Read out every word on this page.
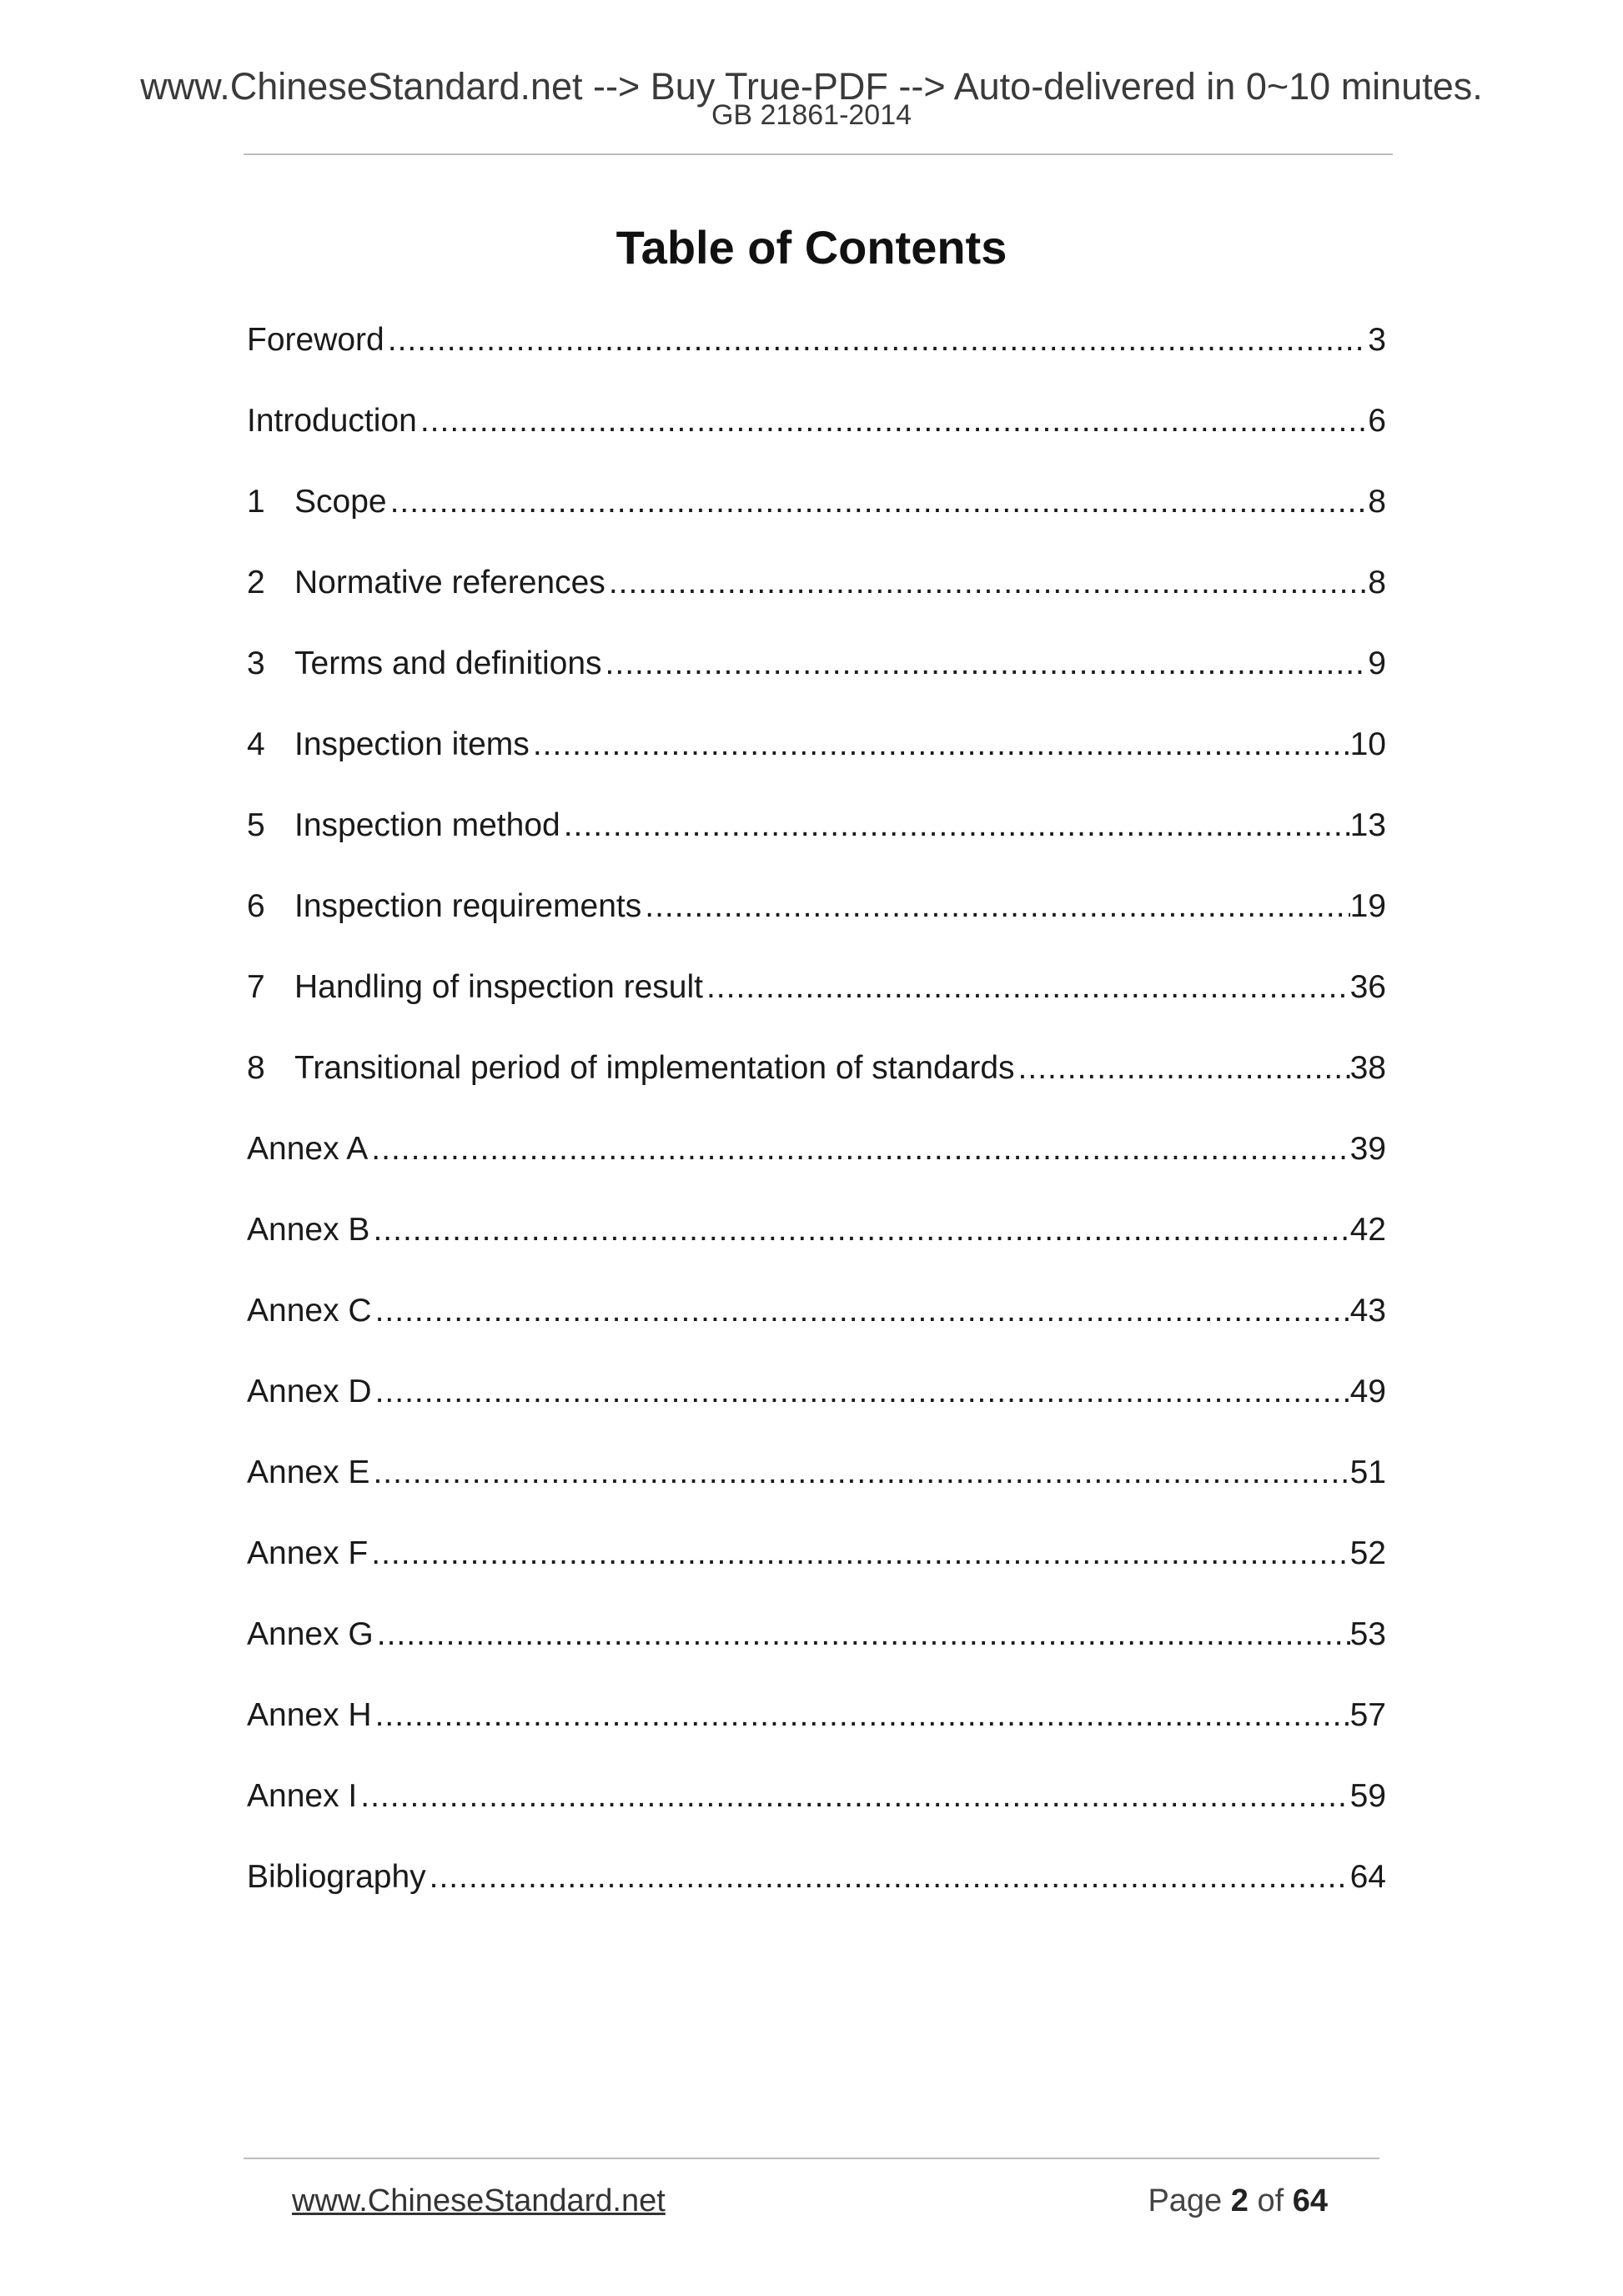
www.ChineseStandard.net --> Buy True-PDF --> Auto-delivered in 0~10 minutes.
GB 21861-2014
Table of Contents
Foreword .....	3
Introduction .....	6
1 Scope .....	8
2 Normative references .....	8
3 Terms and definitions .....	9
4 Inspection items .....	10
5 Inspection method .....	13
6 Inspection requirements .....	19
7 Handling of inspection result .....	36
8 Transitional period of implementation of standards .....	38
Annex A .....	39
Annex B .....	42
Annex C .....	43
Annex D .....	49
Annex E .....	51
Annex F .....	52
Annex G .....	53
Annex H .....	57
Annex I .....	59
Bibliography .....	64
www.ChineseStandard.net	Page 2 of 64
